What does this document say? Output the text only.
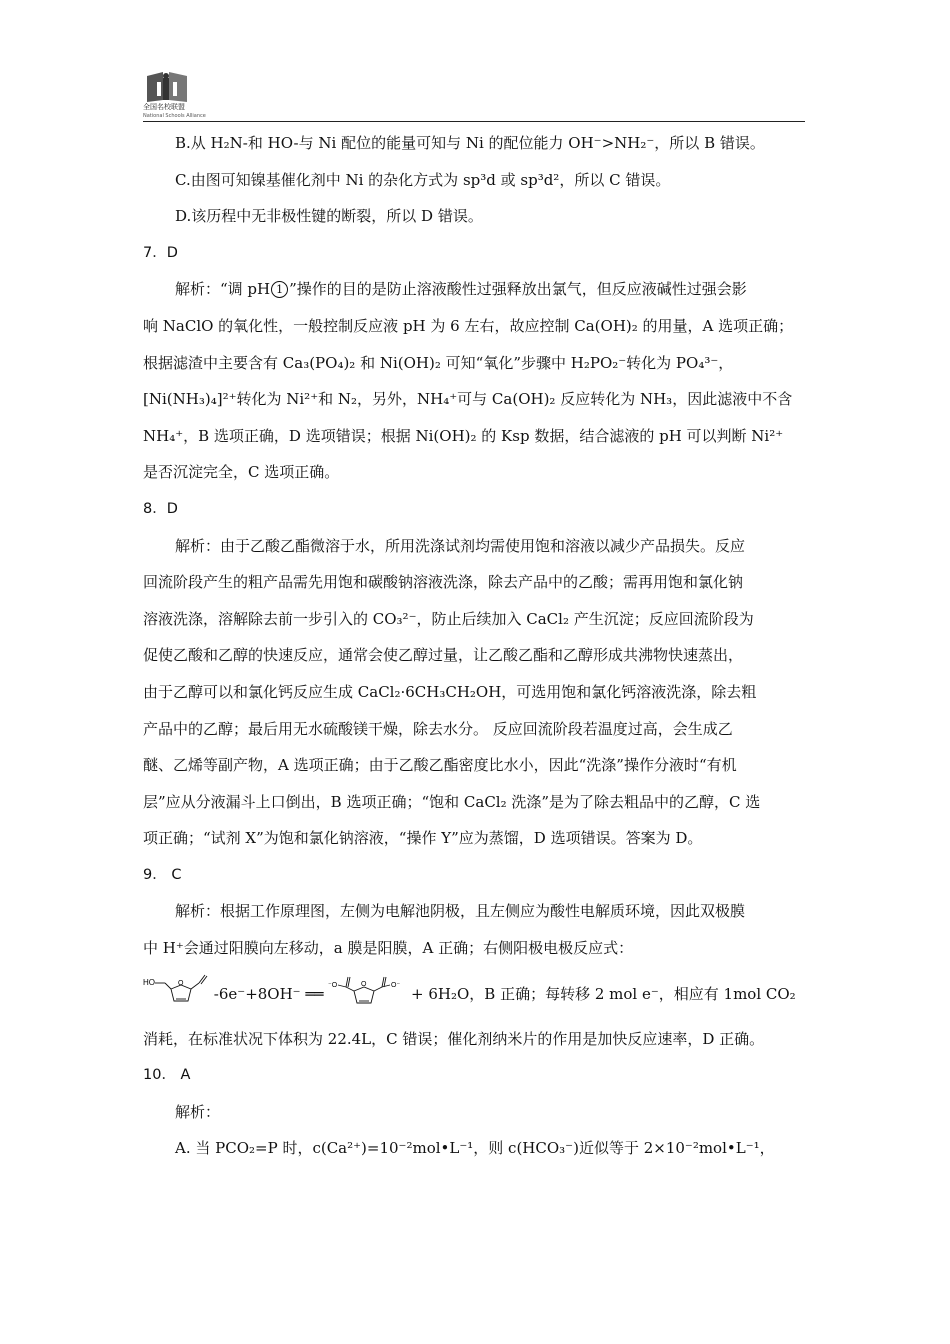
全国名校联盟
National Schools Alliance
B.从 H₂N-和 HO-与 Ni 配位的能量可知与 Ni 的配位能力 OH⁻>NH₂⁻，所以 B 错误。
C.由图可知镍基催化剂中 Ni 的杂化方式为 sp³d 或 sp³d²，所以 C 错误。
D.该历程中无非极性键的断裂，所以 D 错误。
7．D
解析：“调 pH 1 ”操作的目的是防止溶液酸性过强释放出氯气，但反应液碱性过强会影
响 NaClO 的氧化性，一般控制反应液 pH 为 6 左右，故应控制 Ca(OH)₂ 的用量，A 选项正确；
根据滤渣中主要含有 Ca₃(PO₄)₂ 和 Ni(OH)₂ 可知“氧化”步骤中 H₂PO₂⁻转化为 PO₄³⁻，
[Ni(NH₃)₄]²⁺转化为 Ni²⁺和 N₂，另外，NH₄⁺可与 Ca(OH)₂ 反应转化为 NH₃，因此滤液中不含
NH₄⁺，B 选项正确，D 选项错误；根据 Ni(OH)₂ 的 Ksp 数据，结合滤液的 pH 可以判断 Ni²⁺
是否沉淀完全，C 选项正确。
8．D
解析：由于乙酸乙酯微溶于水，所用洗涤试剂均需使用饱和溶液以减少产品损失。反应
回流阶段产生的粗产品需先用饱和碳酸钠溶液洗涤，除去产品中的乙酸；需再用饱和氯化钠
溶液洗涤，溶解除去前一步引入的 CO₃²⁻，防止后续加入 CaCl₂ 产生沉淀；反应回流阶段为
促使乙酸和乙醇的快速反应，通常会使乙醇过量，让乙酸乙酯和乙醇形成共沸物快速蒸出，
由于乙醇可以和氯化钙反应生成 CaCl₂·6CH₃CH₂OH，可选用饱和氯化钙溶液洗涤，除去粗
产品中的乙醇；最后用无水硫酸镁干燥，除去水分。 反应回流阶段若温度过高，会生成乙
醚、乙烯等副产物，A 选项正确；由于乙酸乙酯密度比水小，因此“洗涤”操作分液时“有机
层”应从分液漏斗上口倒出，B 选项正确；“饱和 CaCl₂ 洗涤”是为了除去粗品中的乙醇，C 选
项正确；“试剂 X”为饱和氯化钠溶液，“操作 Y”应为蒸馏，D 选项错误。答案为 D。
9． C
解析：根据工作原理图，左侧为电解池阴极，且左侧应为酸性电解质环境，因此双极膜
中 H⁺会通过阳膜向左移动，a 膜是阳膜，A 正确；右侧阳极电极反应式：
HO	O
-6e⁻+8OH⁻ ══ ⁻O	O	O⁻ + 6H₂O，B 正确；每转移 2 mol e⁻，相应有 1mol CO₂
消耗，在标准状况下体积为 22.4L，C 错误；催化剂纳米片的作用是加快反应速率，D 正确。
10． A
解析：
A. 当 PCO₂=P 时，c(Ca²⁺)=10⁻²mol•L⁻¹，则 c(HCO₃⁻)近似等于 2×10⁻²mol•L⁻¹，
